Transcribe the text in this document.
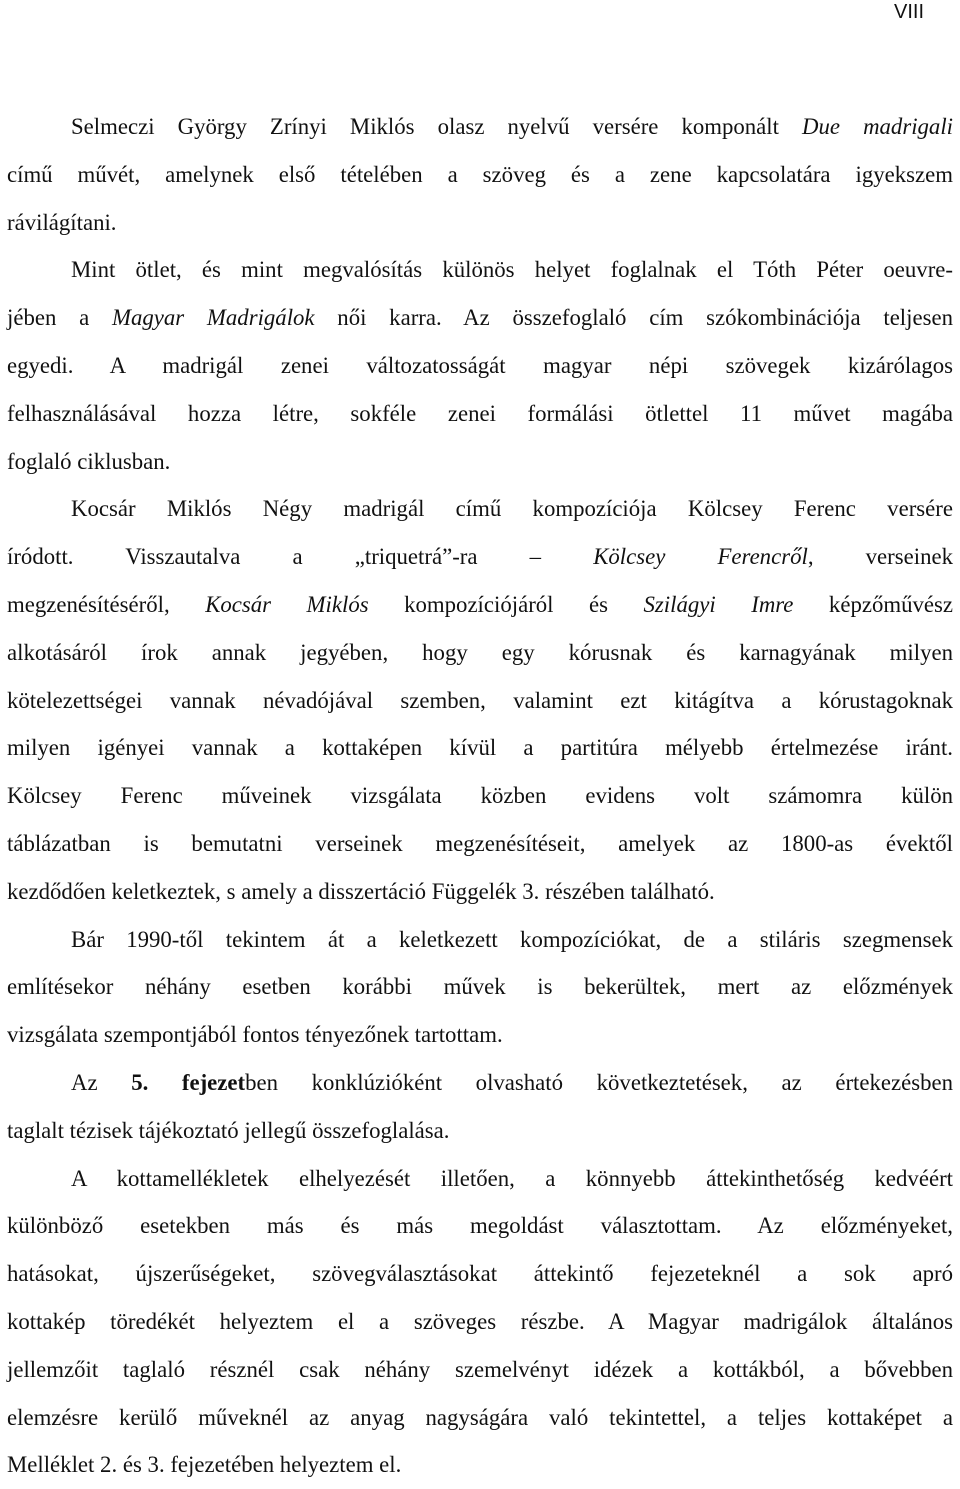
VIII
Selmeczi György Zrínyi Miklós olasz nyelvű versére komponált Due madrigali
című művét, amelynek első tételében a szöveg és a zene kapcsolatára igyekszem
rávilágítani.
Mint ötlet, és mint megvalósítás különös helyet foglalnak el Tóth Péter oeuvre-
jében a Magyar Madrigálok női karra. Az összefoglaló cím szókombinációja teljesen
egyedi. A madrigál zenei változatosságát magyar népi szövegek kizárólagos
felhasználásával hozza létre, sokféle zenei formálási ötlettel 11 művet magába
foglaló ciklusban.
Kocsár Miklós Négy madrigál című kompozíciója Kölcsey Ferenc versére
íródott. Visszautalva a „triquetrá”-ra – Kölcsey Ferencről, verseinek
megzenésítéséről, Kocsár Miklós kompozíciójáról és Szilágyi Imre képzőművész
alkotásáról írok annak jegyében, hogy egy kórusnak és karnagyának milyen
kötelezettségei vannak névadójával szemben, valamint ezt kitágítva a kórustagoknak
milyen igényei vannak a kottaképen kívül a partitúra mélyebb értelmezése iránt.
Kölcsey Ferenc műveinek vizsgálata közben evidens volt számomra külön
táblázatban is bemutatni verseinek megzenésítéseit, amelyek az 1800-as évektől
kezdődően keletkeztek, s amely a disszertáció Függelék 3. részében található.
Bár 1990-től tekintem át a keletkezett kompozíciókat, de a stiláris szegmensek
említésekor néhány esetben korábbi művek is bekerültek, mert az előzmények
vizsgálata szempontjából fontos tényezőnek tartottam.
Az 5. fejezetben konklúzióként olvasható következtetések, az értekezésben
taglalt tézisek tájékoztató jellegű összefoglalása.
A kottamellékletek elhelyezését illetően, a könnyebb áttekinthetőség kedvéért
különböző esetekben más és más megoldást választottam. Az előzményeket,
hatásokat, újszerűségeket, szövegválasztásokat áttekintő fejezeteknél a sok apró
kottakép töredékét helyeztem el a szöveges részbe. A Magyar madrigálok általános
jellemzőit taglaló résznél csak néhány szemelvényt idézek a kottákból, a bővebben
elemzésre kerülő műveknél az anyag nagyságára való tekintettel, a teljes kottaképet a
Melléklet 2. és 3. fejezetében helyeztem el.
